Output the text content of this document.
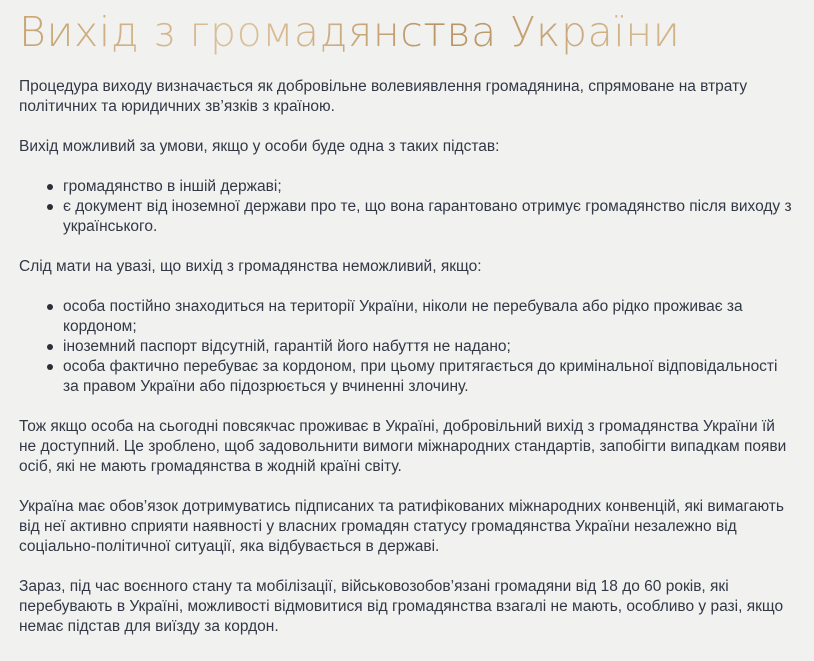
Вихід з громадянства України

Процедура виходу визначається як добровільне волевиявлення громадянина, спрямоване на втрату політичних та юридичних зв’язків з країною.

Вихід можливий за умови, якщо у особи буде одна з таких підстав:

громадянство в іншій державі;
є документ від іноземної держави про те, що вона гарантовано отримує громадянство після виходу з українського.

Слід мати на увазі, що вихід з громадянства неможливий, якщо:

особа постійно знаходиться на території України, ніколи не перебувала або рідко проживає за кордоном;
іноземний паспорт відсутній, гарантій його набуття не надано;
особа фактично перебуває за кордоном, при цьому притягається до кримінальної відповідальності за правом України або підозрюється у вчиненні злочину.

Тож якщо особа на сьогодні повсякчас проживає в Україні, добровільний вихід з громадянства України їй не доступний. Це зроблено, щоб задовольнити вимоги міжнародних стандартів, запобігти випадкам появи осіб, які не мають громадянства в жодній країні світу.

Україна має обов’язок дотримуватись підписаних та ратифікованих міжнародних конвенцій, які вимагають від неї активно сприяти наявності у власних громадян статусу громадянства України незалежно від соціально-політичної ситуації, яка відбувається в державі.

Зараз, під час воєнного стану та мобілізації, військовозобов’язані громадяни від 18 до 60 років, які перебувають в Україні, можливості відмовитися від громадянства взагалі не мають, особливо у разі, якщо немає підстав для виїзду за кордон.
